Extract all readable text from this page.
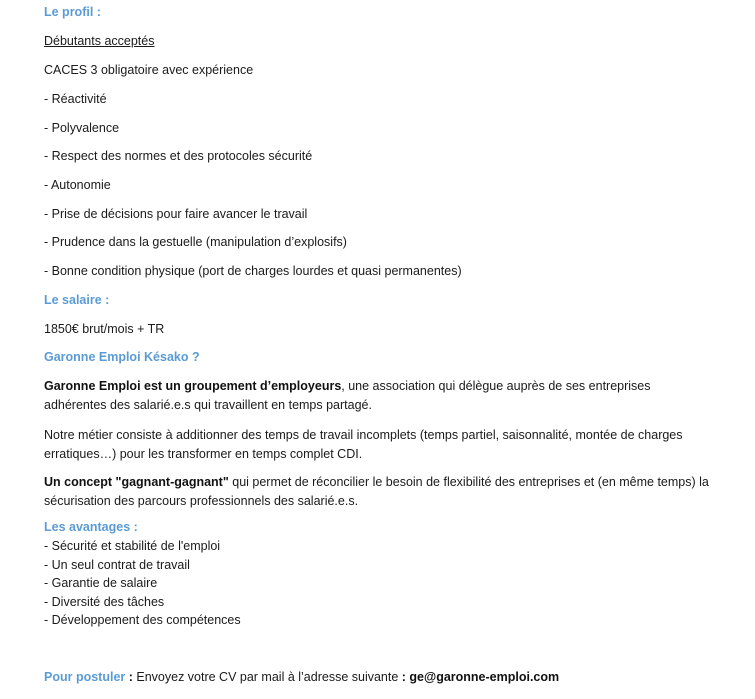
Le profil :
Débutants acceptés
CACES 3 obligatoire avec expérience
- Réactivité
- Polyvalence
- Respect des normes et des protocoles sécurité
- Autonomie
- Prise de décisions pour faire avancer le travail
- Prudence dans la gestuelle (manipulation d’explosifs)
- Bonne condition physique (port de charges lourdes et quasi permanentes)
Le salaire :
1850€ brut/mois + TR
Garonne Emploi Késako ?
Garonne Emploi est un groupement d’employeurs, une association qui délègue auprès de ses entreprises adhérentes des salarié.e.s qui travaillent en temps partagé.
Notre métier consiste à additionner des temps de travail incomplets (temps partiel, saisonnalité, montée de charges erratiques…) pour les transformer en temps complet CDI.
Un concept "gagnant-gagnant" qui permet de réconcilier le besoin de flexibilité des entreprises et (en même temps) la sécurisation des parcours professionnels des salarié.e.s.
Les avantages :
- Sécurité et stabilité de l'emploi
- Un seul contrat de travail
- Garantie de salaire
- Diversité des tâches
- Développement des compétences
Pour postuler : Envoyez votre CV par mail à l’adresse suivante : ge@garonne-emploi.com
